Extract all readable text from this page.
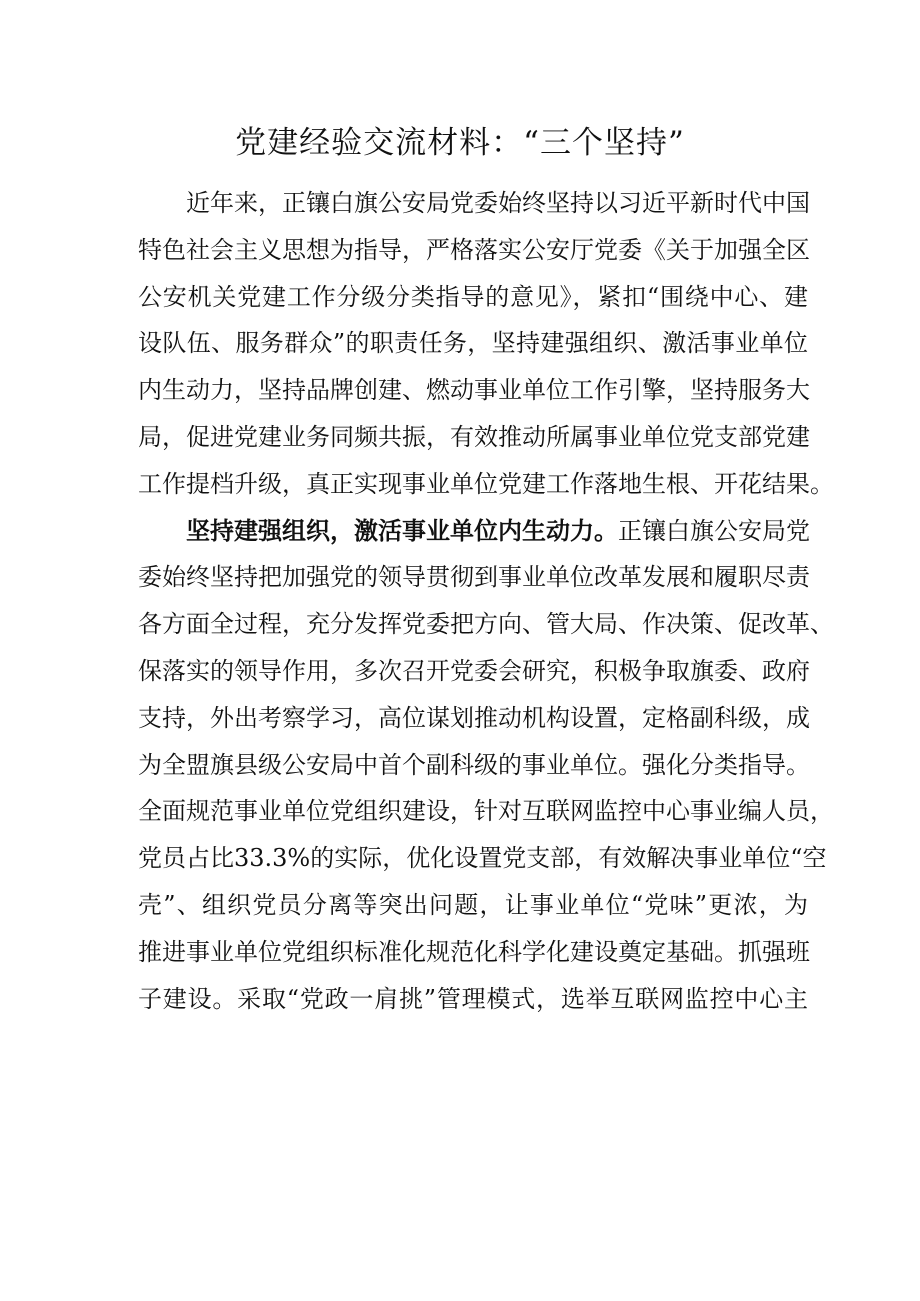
党建经验交流材料：“三个坚持”
近年来，正镶白旗公安局党委始终坚持以习近平新时代中国
特色社会主义思想为指导，严格落实公安厅党委《关于加强全区
公安机关党建工作分级分类指导的意见》，紧扣“围绕中心、建
设队伍、服务群众”的职责任务，坚持建强组织、激活事业单位
内生动力，坚持品牌创建、燃动事业单位工作引擎，坚持服务大
局，促进党建业务同频共振，有效推动所属事业单位党支部党建
工作提档升级，真正实现事业单位党建工作落地生根、开花结果。
坚持建强组织，激活事业单位内生动力。正镶白旗公安局党
委始终坚持把加强党的领导贯彻到事业单位改革发展和履职尽责
各方面全过程，充分发挥党委把方向、管大局、作决策、促改革、
保落实的领导作用，多次召开党委会研究，积极争取旗委、政府
支持，外出考察学习，高位谋划推动机构设置，定格副科级，成
为全盟旗县级公安局中首个副科级的事业单位。强化分类指导。
全面规范事业单位党组织建设，针对互联网监控中心事业编人员，
党员占比33.3%的实际，优化设置党支部，有效解决事业单位“空
壳”、组织党员分离等突出问题，让事业单位“党味”更浓，为
推进事业单位党组织标准化规范化科学化建设奠定基础。抓强班
子建设。采取“党政一肩挑”管理模式，选举互联网监控中心主
